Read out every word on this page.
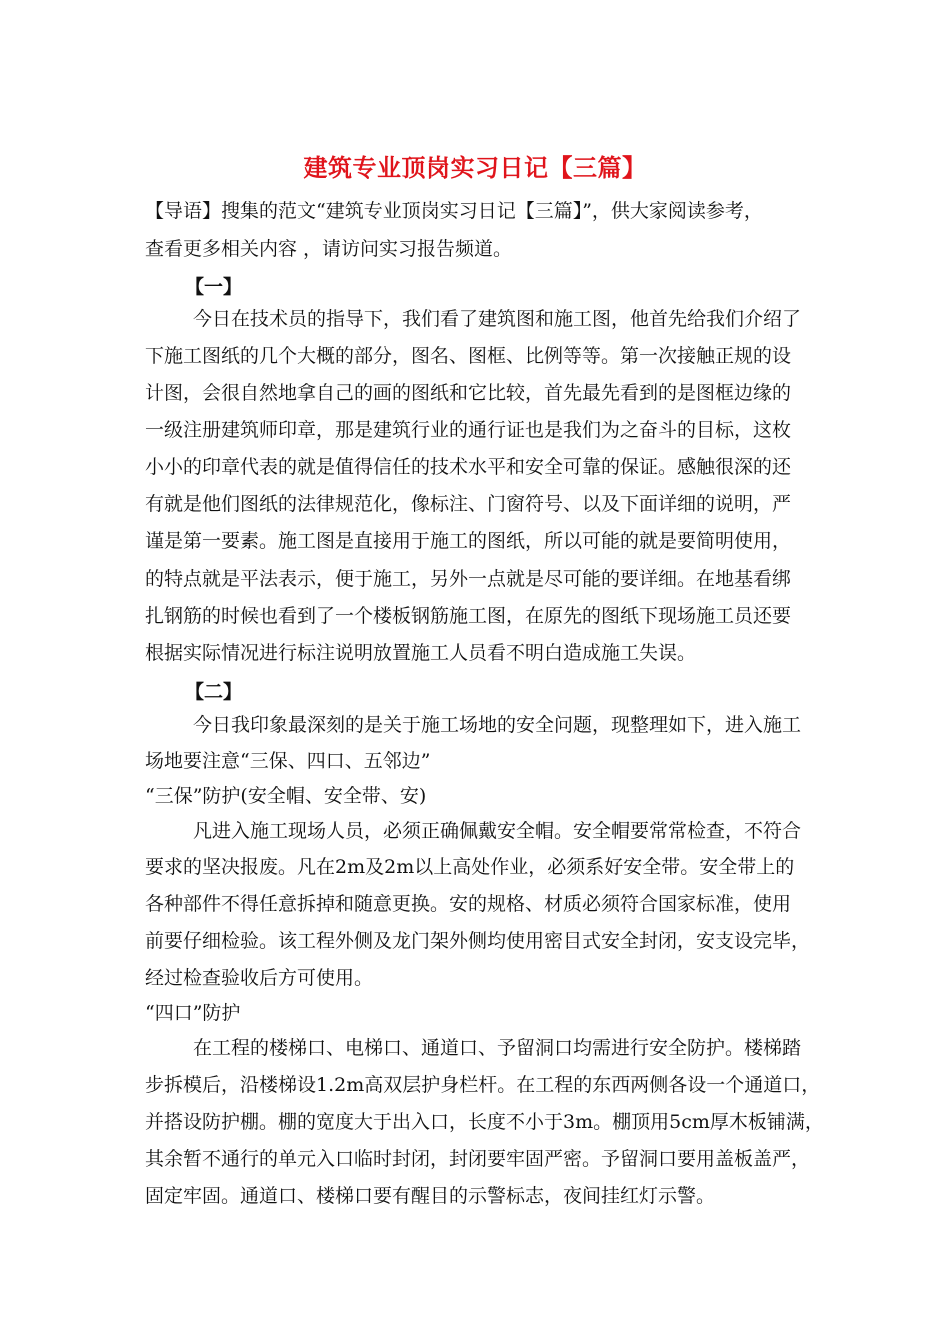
建筑专业顶岗实习日记【三篇】
【导语】搜集的范文“建筑专业顶岗实习日记【三篇】”，供大家阅读参考，
查看更多相关内容 ，请访问实习报告频道。
【一】
今日在技术员的指导下，我们看了建筑图和施工图，他首先给我们介绍了
下施工图纸的几个大概的部分，图名、图框、比例等等。第一次接触正规的设
计图，会很自然地拿自己的画的图纸和它比较，首先最先看到的是图框边缘的
一级注册建筑师印章，那是建筑行业的通行证也是我们为之奋斗的目标，这枚
小小的印章代表的就是值得信任的技术水平和安全可靠的保证。感触很深的还
有就是他们图纸的法律规范化，像标注、门窗符号、以及下面详细的说明，严
谨是第一要素。施工图是直接用于施工的图纸，所以可能的就是要简明使用，
的特点就是平法表示，便于施工，另外一点就是尽可能的要详细。在地基看绑
扎钢筋的时候也看到了一个楼板钢筋施工图，在原先的图纸下现场施工员还要
根据实际情况进行标注说明放置施工人员看不明白造成施工失误。
【二】
今日我印象最深刻的是关于施工场地的安全问题，现整理如下，进入施工
场地要注意“三保、四口、五邻边”
“三保”防护(安全帽、安全带、安)
凡进入施工现场人员，必须正确佩戴安全帽。安全帽要常常检查，不符合
要求的坚决报废。凡在2m及2m以上高处作业，必须系好安全带。安全带上的
各种部件不得任意拆掉和随意更换。安的规格、材质必须符合国家标准，使用
前要仔细检验。该工程外侧及龙门架外侧均使用密目式安全封闭，安支设完毕，
经过检查验收后方可使用。
“四口”防护
在工程的楼梯口、电梯口、通道口、予留洞口均需进行安全防护。楼梯踏
步拆模后，沿楼梯设1.2m高双层护身栏杆。在工程的东西两侧各设一个通道口，
并搭设防护棚。棚的宽度大于出入口，长度不小于3m。棚顶用5cm厚木板铺满，
其余暂不通行的单元入口临时封闭，封闭要牢固严密。予留洞口要用盖板盖严，
固定牢固。通道口、楼梯口要有醒目的示警标志，夜间挂红灯示警。
